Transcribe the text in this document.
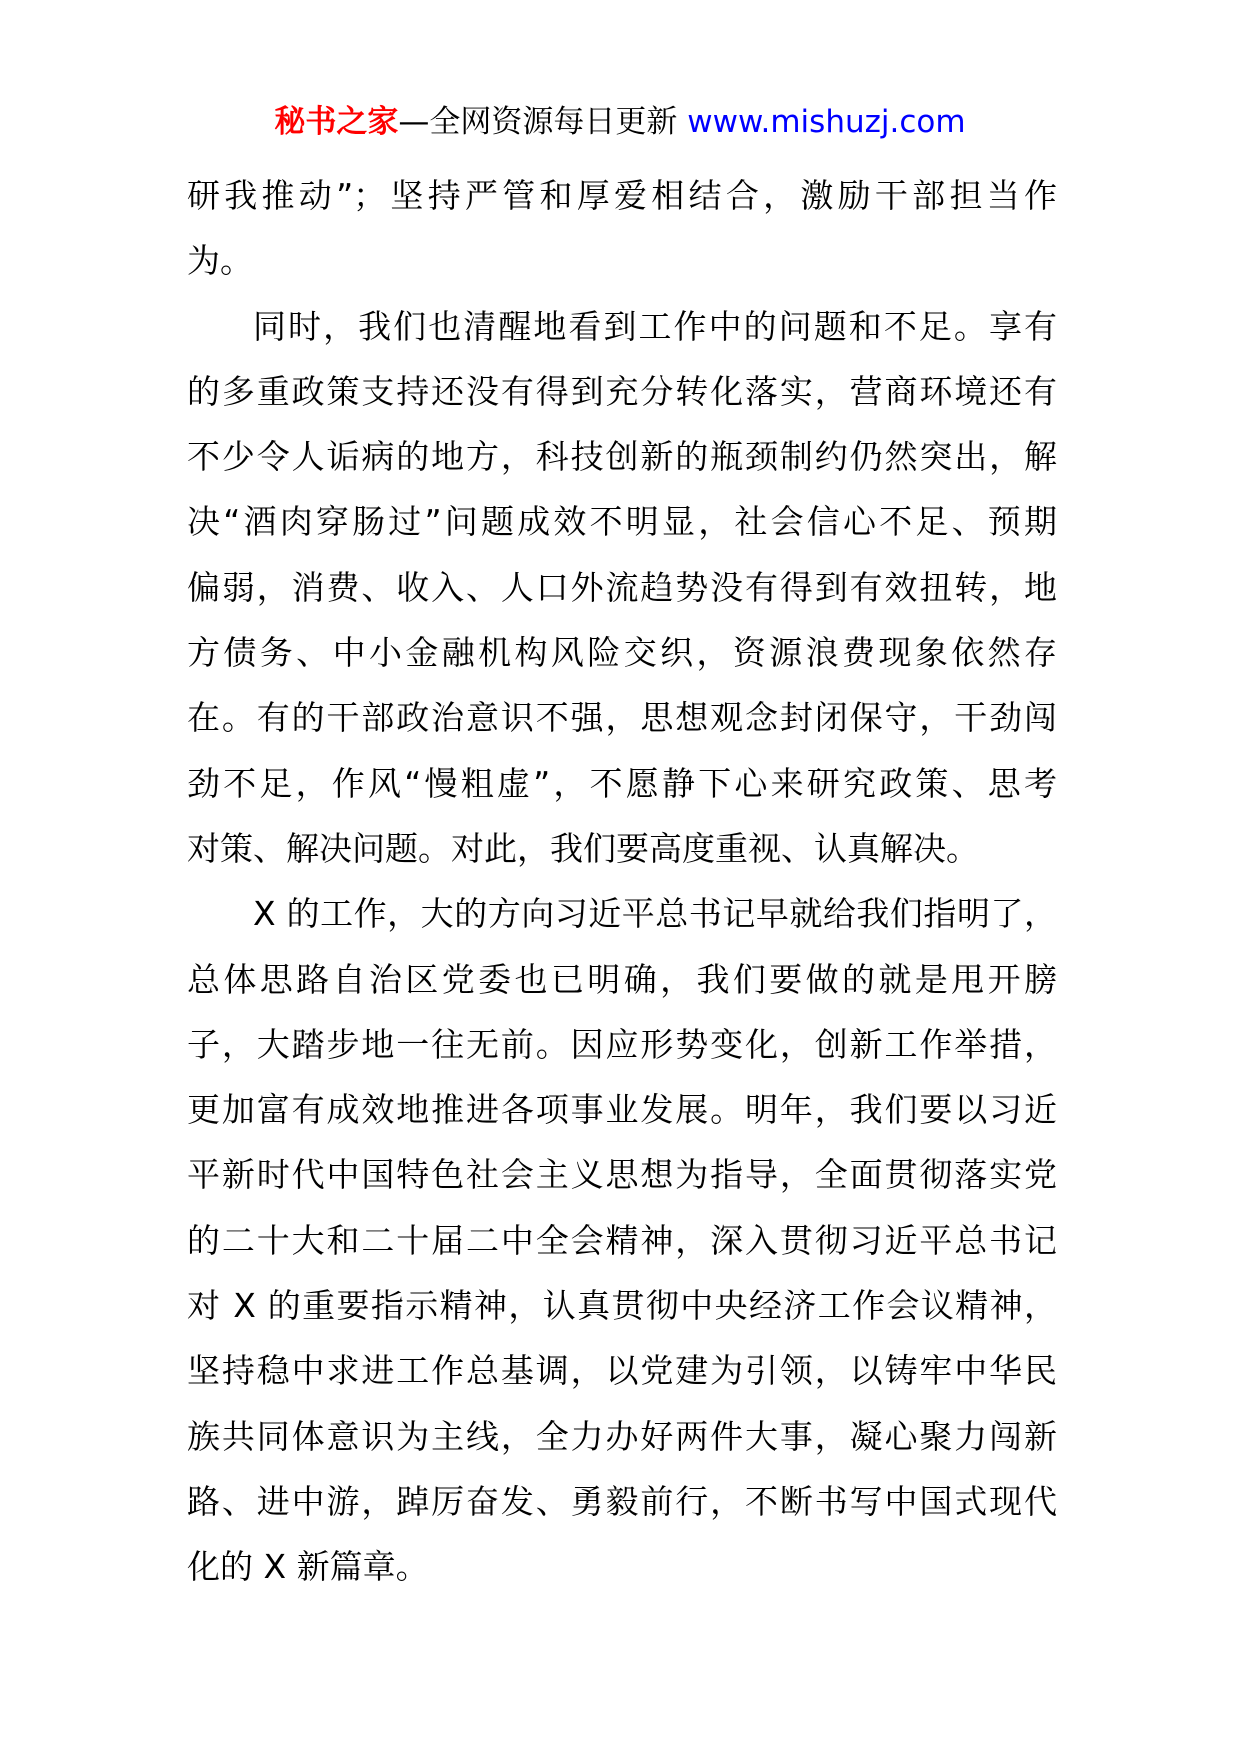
秘书之家—全网资源每日更新 www.mishuzj.com
研我推动”；坚持严管和厚爱相结合，激励干部担当作
为。
同时，我们也清醒地看到工作中的问题和不足。享有
的多重政策支持还没有得到充分转化落实，营商环境还有
不少令人诟病的地方，科技创新的瓶颈制约仍然突出，解
决“酒肉穿肠过”问题成效不明显，社会信心不足、预期
偏弱，消费、收入、人口外流趋势没有得到有效扭转，地
方债务、中小金融机构风险交织，资源浪费现象依然存
在。有的干部政治意识不强，思想观念封闭保守，干劲闯
劲不足，作风“慢粗虚”，不愿静下心来研究政策、思考
对策、解决问题。对此，我们要高度重视、认真解决。
X 的工作，大的方向习近平总书记早就给我们指明了，
总体思路自治区党委也已明确，我们要做的就是甩开膀
子，大踏步地一往无前。因应形势变化，创新工作举措，
更加富有成效地推进各项事业发展。明年，我们要以习近
平新时代中国特色社会主义思想为指导，全面贯彻落实党
的二十大和二十届二中全会精神，深入贯彻习近平总书记
对 X 的重要指示精神，认真贯彻中央经济工作会议精神，
坚持稳中求进工作总基调，以党建为引领，以铸牢中华民
族共同体意识为主线，全力办好两件大事，凝心聚力闯新
路、进中游，踔厉奋发、勇毅前行，不断书写中国式现代
化的 X 新篇章。
